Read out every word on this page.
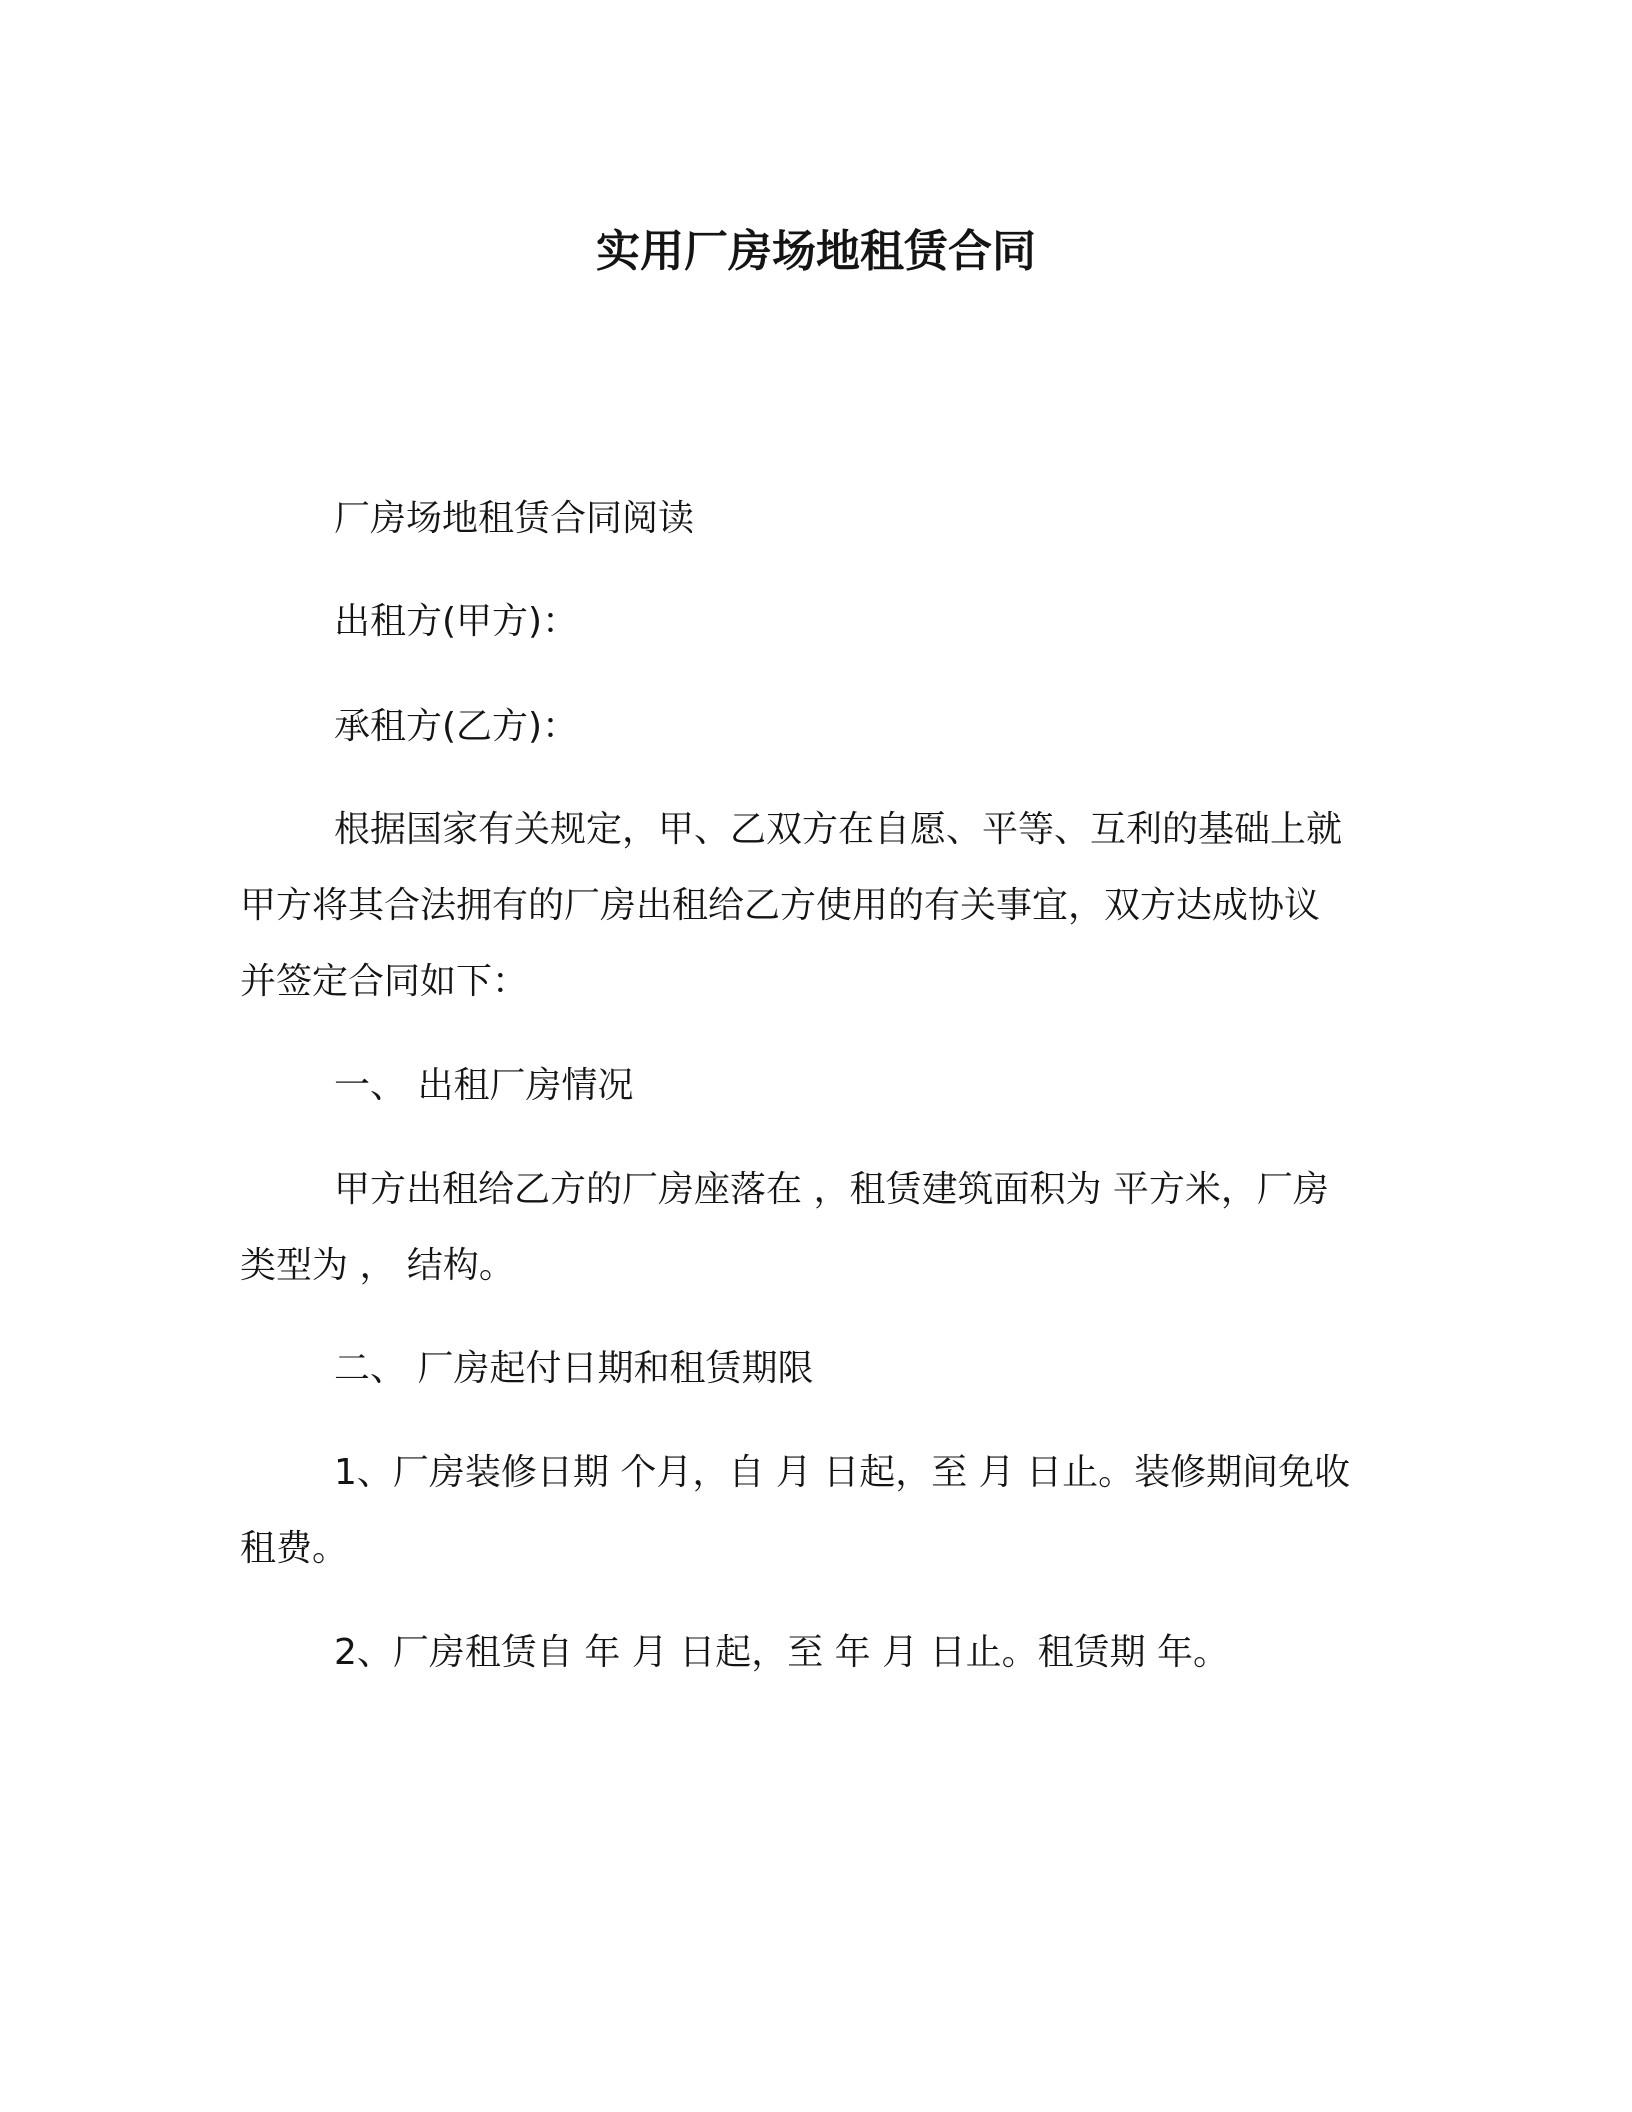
实用厂房场地租赁合同

厂房场地租赁合同阅读

出租方(甲方)：

承租方(乙方)：

根据国家有关规定，甲、乙双方在自愿、平等、互利的基础上就

甲方将其合法拥有的厂房出租给乙方使用的有关事宜，双方达成协议

并签定合同如下：

一、 出租厂房情况

甲方出租给乙方的厂房座落在 ，租赁建筑面积为 平方米，厂房

类型为 ， 结构。

二、 厂房起付日期和租赁期限

1、厂房装修日期 个月，自 月 日起，至 月 日止。装修期间免收

租费。

2、厂房租赁自 年 月 日起，至 年 月 日止。租赁期 年。
